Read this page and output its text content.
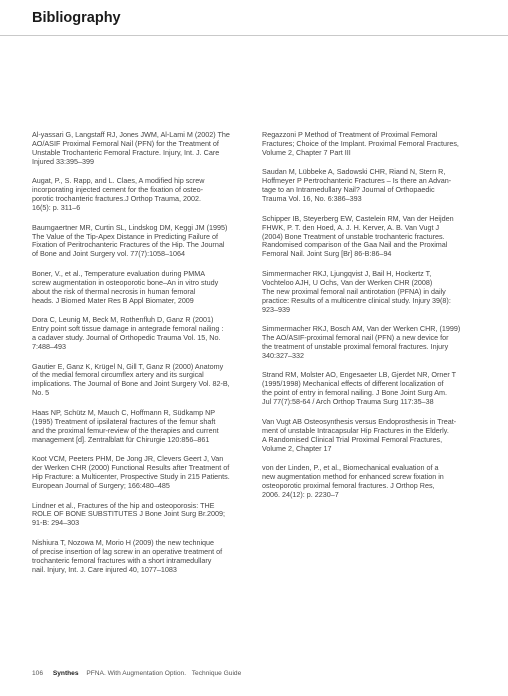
Bibliography
Al-yassari G, Langstaff RJ, Jones JWM, Al-Lami M (2002) The
AO/ASIF Proximal Femoral Nail (PFN) for the Treatment of
Unstable Trochanteric Femoral Fracture. Injury, Int. J. Care
Injured 33:395–399
Augat, P., S. Rapp, and L. Claes, A modified hip screw
incorporating injected cement for the fixation of osteo-
porotic trochanteric fractures.J Orthop Trauma, 2002.
16(5): p. 311–6
Baumgaertner MR, Curtin SL, Lindskog DM, Keggi JM (1995)
The Value of the Tip-Apex Distance in Predicting Failure of
Fixation of Peritrochanteric Fractures of the Hip. The Journal
of Bone and Joint Surgery vol. 77(7):1058–1064
Boner, V., et al., Temperature evaluation during PMMA
screw augmentation in osteoporotic bone–An in vitro study
about the risk of thermal necrosis in human femoral
heads. J Biomed Mater Res B Appl Biomater, 2009
Dora C, Leunig M, Beck M, Rothenfluh D, Ganz R (2001)
Entry point soft tissue damage in antegrade femoral nailing :
a cadaver study. Journal of Orthopedic Trauma Vol. 15, No.
7:488–493
Gautier E, Ganz K, Krügel N, Gill T, Ganz R (2000) Anatomy
of the medial femoral circumflex artery and its surgical
implications. The Journal of Bone and Joint Surgery Vol. 82-B,
No. 5
Haas NP, Schütz M, Mauch C, Hoffmann R, Südkamp NP
(1995) Treatment of ipsilateral fractures of the femur shaft
and the proximal femur-review of the therapies and current
management [d]. Zentralblatt für Chirurgie 120:856–861
Koot VCM, Peeters PHM, De Jong JR, Clevers Geert J, Van
der Werken CHR (2000) Functional Results after Treatment of
Hip Fracture: a Multicenter, Prospective Study in 215 Patients.
European Journal of Surgery; 166:480–485
Lindner et al., Fractures of the hip and osteoporosis: THE
ROLE OF BONE SUBSTITUTES J Bone Joint Surg Br.2009;
91-B: 294–303
Nishiura T, Nozowa M, Morio H (2009) the new technique
of precise insertion of lag screw in an operative treatment of
trochanteric femoral fractures with a short intramedullary
nail. Injury, Int. J. Care injured 40, 1077–1083
Regazzoni P Method of Treatment of Proximal Femoral
Fractures; Choice of the Implant. Proximal Femoral Fractures,
Volume 2, Chapter 7 Part III
Saudan M, Lübbeke A, Sadowski CHR, Riand N, Stern R,
Hoffmeyer P Pertrochanteric Fractures – Is there an Advan-
tage to an Intramedullary Nail? Journal of Orthopaedic
Trauma Vol. 16, No. 6:386–393
Schipper IB, Steyerberg EW, Castelein RM, Van der Heijden
FHWK, P. T. den Hoed, A. J. H. Kerver, A. B. Van Vugt J
(2004) Bone Treatment of unstable trochanteric fractures.
Randomised comparison of the Gaa Nail and the Proximal
Femoral Nail. Joint Surg [Br] 86-B:86–94
Simmermacher RKJ, Ljungqvist J, Bail H, Hockertz T,
Vochteloo AJH, U Ochs, Van der Werken CHR (2008)
The new proximal femoral nail antirotation (PFNA) in daily
practice: Results of a multicentre clinical study. Injury 39(8):
923–939
Simmermacher RKJ, Bosch AM, Van der Werken CHR, (1999)
The AO/ASIF-proximal femoral nail (PFN) a new device for
the treatment of unstable proximal femoral fractures. Injury
340:327–332
Strand RM, Molster AO, Engesaeter LB, Gjerdet NR, Orner T
(1995/1998) Mechanical effects of different localization of
the point of entry in femoral nailing. J Bone Joint Surg Am.
Jul 77(7):58-64 / Arch Orthop Trauma Surg 117:35–38
Van Vugt AB Osteosynthesis versus Endoprosthesis in Treat-
ment of unstable Intracapsular Hip Fractures in the Elderly.
A Randomised Clinical Trial Proximal Femoral Fractures,
Volume 2, Chapter 17
von der Linden, P., et al., Biomechanical evaluation of a
new augmentation method for enhanced screw fixation in
osteoporotic proximal femoral fractures. J Orthop Res,
2006. 24(12): p. 2230–7
106 Synthes PFNA. With Augmentation Option. Technique Guide
